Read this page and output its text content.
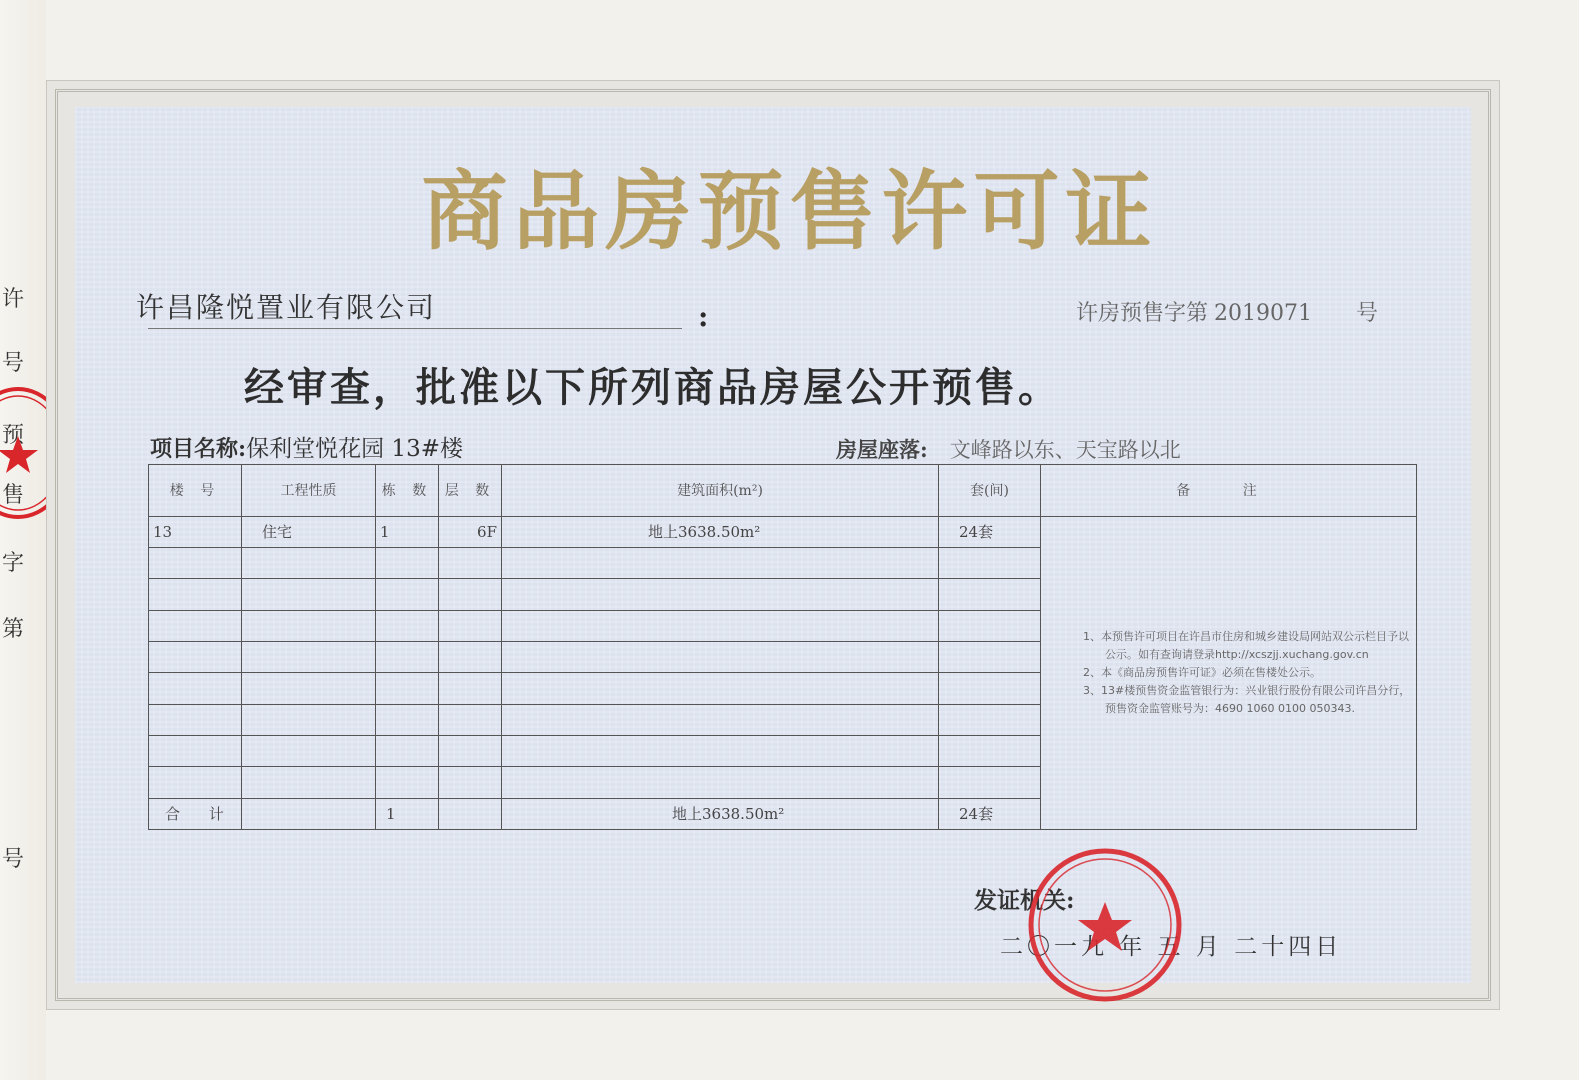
许
号
预
售
字
第
号
商品房预售许可证
许昌隆悦置业有限公司	:	许房预售字第 2019071 号
经审查，批准以下所列商品房屋公开预售。
项目名称:保利堂悦花园 13#楼	房屋座落: 文峰路以东、天宝路以北
楼 号	工程性质	栋 数	层 数	建筑面积(m²)	套(间)	备 注
13	住宅	1	6F	地上3638.50m²	24套	1、本预售许可项目在许昌市住房和城乡建设局网站双公示栏目予以公示。如有查询请登录http://xcszjj.xuchang.gov.cn

2、本《商品房预售许可证》必须在售楼处公示。

3、13#楼预售资金监管银行为：兴业银行股份有限公司许昌分行，预售资金监管账号为：4690 1060 0100 050343.

合 计		1		地上3638.50m²	24套	
发证机关:
二〇一九 年 五 月 二十四日
